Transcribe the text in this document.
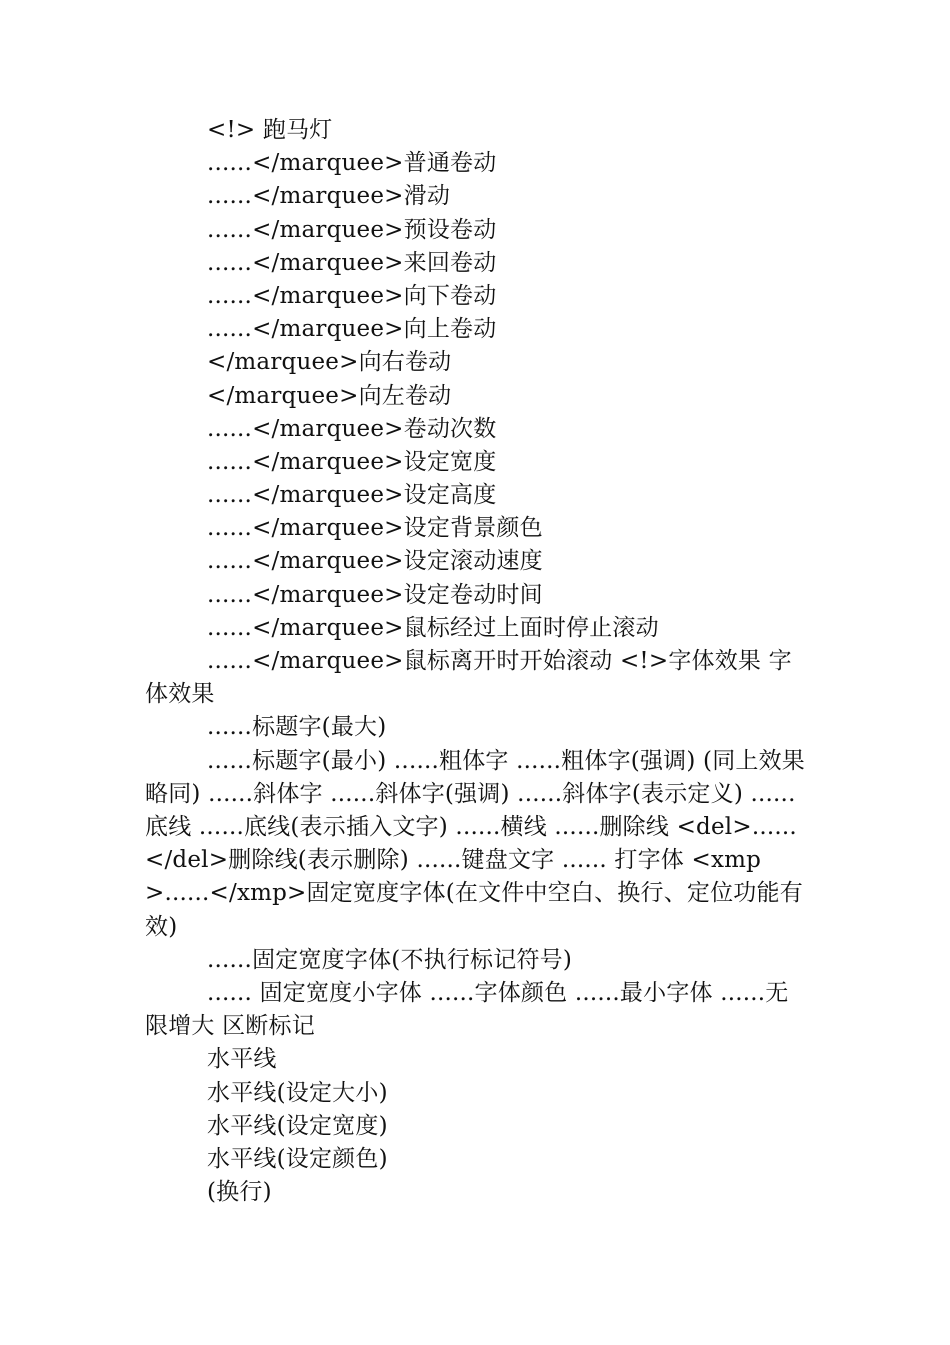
<!> 跑马灯
......</marquee>普通卷动
......</marquee>滑动
......</marquee>预设卷动
......</marquee>来回卷动
......</marquee>向下卷动
......</marquee>向上卷动
</marquee>向右卷动
</marquee>向左卷动
......</marquee>卷动次数
......</marquee>设定宽度
......</marquee>设定高度
......</marquee>设定背景颜色
......</marquee>设定滚动速度
......</marquee>设定卷动时间
......</marquee>鼠标经过上面时停止滚动
......</marquee>鼠标离开时开始滚动 <!>字体效果 字体效果
......标题字(最大)
......标题字(最小) ......粗体字 ......粗体字(强调) (同上效果略同) ......斜体字 ......斜体字(强调) ......斜体字(表示定义) ......底线 ......底线(表示插入文字) ......横线 ......删除线 <del>......</del>删除线(表示删除) ......键盘文字 ...... 打字体 <xmp>......</xmp>固定宽度字体(在文件中空白、换行、定位功能有效)
......固定宽度字体(不执行标记符号)
...... 固定宽度小字体 ......字体颜色 ......最小字体 ......无限增大 区断标记
水平线
水平线(设定大小)
水平线(设定宽度)
水平线(设定颜色)
(换行)
